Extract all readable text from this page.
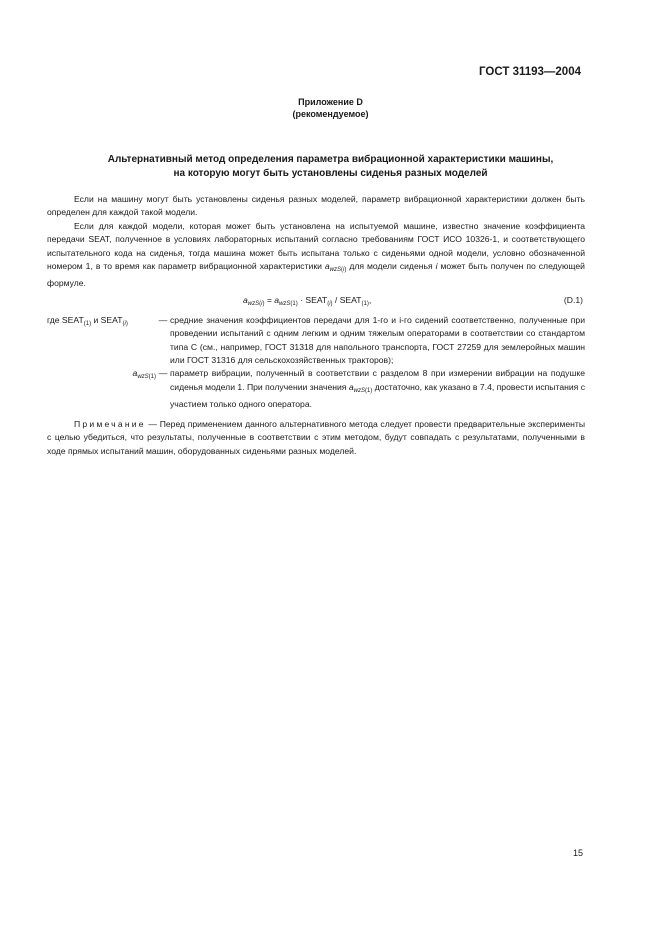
ГОСТ 31193—2004
Приложение D
(рекомендуемое)
Альтернативный метод определения параметра вибрационной характеристики машины,
на которую могут быть установлены сиденья разных моделей

Если на машину могут быть установлены сиденья разных моделей, параметр вибрационной характеристики должен быть определен для каждой такой модели.

Если для каждой модели, которая может быть установлена на испытуемой машине, известно значение коэффициента передачи SEAT, полученное в условиях лабораторных испытаний согласно требованиям ГОСТ ИСО 10326-1, и соответствующего испытательного кода на сиденья, тогда машина может быть испытана только с сиденьями одной модели, условно обозначенной номером 1, в то время как параметр вибрационной характеристики $a_{wzS(i)}$ для модели сиденья i может быть получен по следующей формуле.

$a_{wzS(i)} = a_{wzS(1)}$ · $SEAT_{(i)}$ / $SEAT_{(1)}$,	(D.1)
где $SEAT_{(1)}$ и $SEAT_{(i)}$	— средние значения коэффициентов передачи для 1-го и i-го сидений соответственно, полученные при проведении испытаний с одним легким и одним тяжелым операторами в соответствии со стандартом типа С (см., например, ГОСТ 31318 для напольного транспорта, ГОСТ 27259 для землеройных машин или ГОСТ 31316 для сельскохозяйственных тракторов);
$a_{wzS(1)}$ — параметр вибрации, полученный в соответствии с разделом 8 при измерении вибрации на подушке сиденья модели 1. При получении значения $a_{wzS(1)}$ достаточно, как указано в 7.4, провести испытания с участием только одного оператора.

Примечание — Перед применением данного альтернативного метода следует провести предварительные эксперименты с целью убедиться, что результаты, полученные в соответствии с этим методом, будут совпадать с результатами, полученными в ходе прямых испытаний машин, оборудованных сиденьями разных моделей.

15
